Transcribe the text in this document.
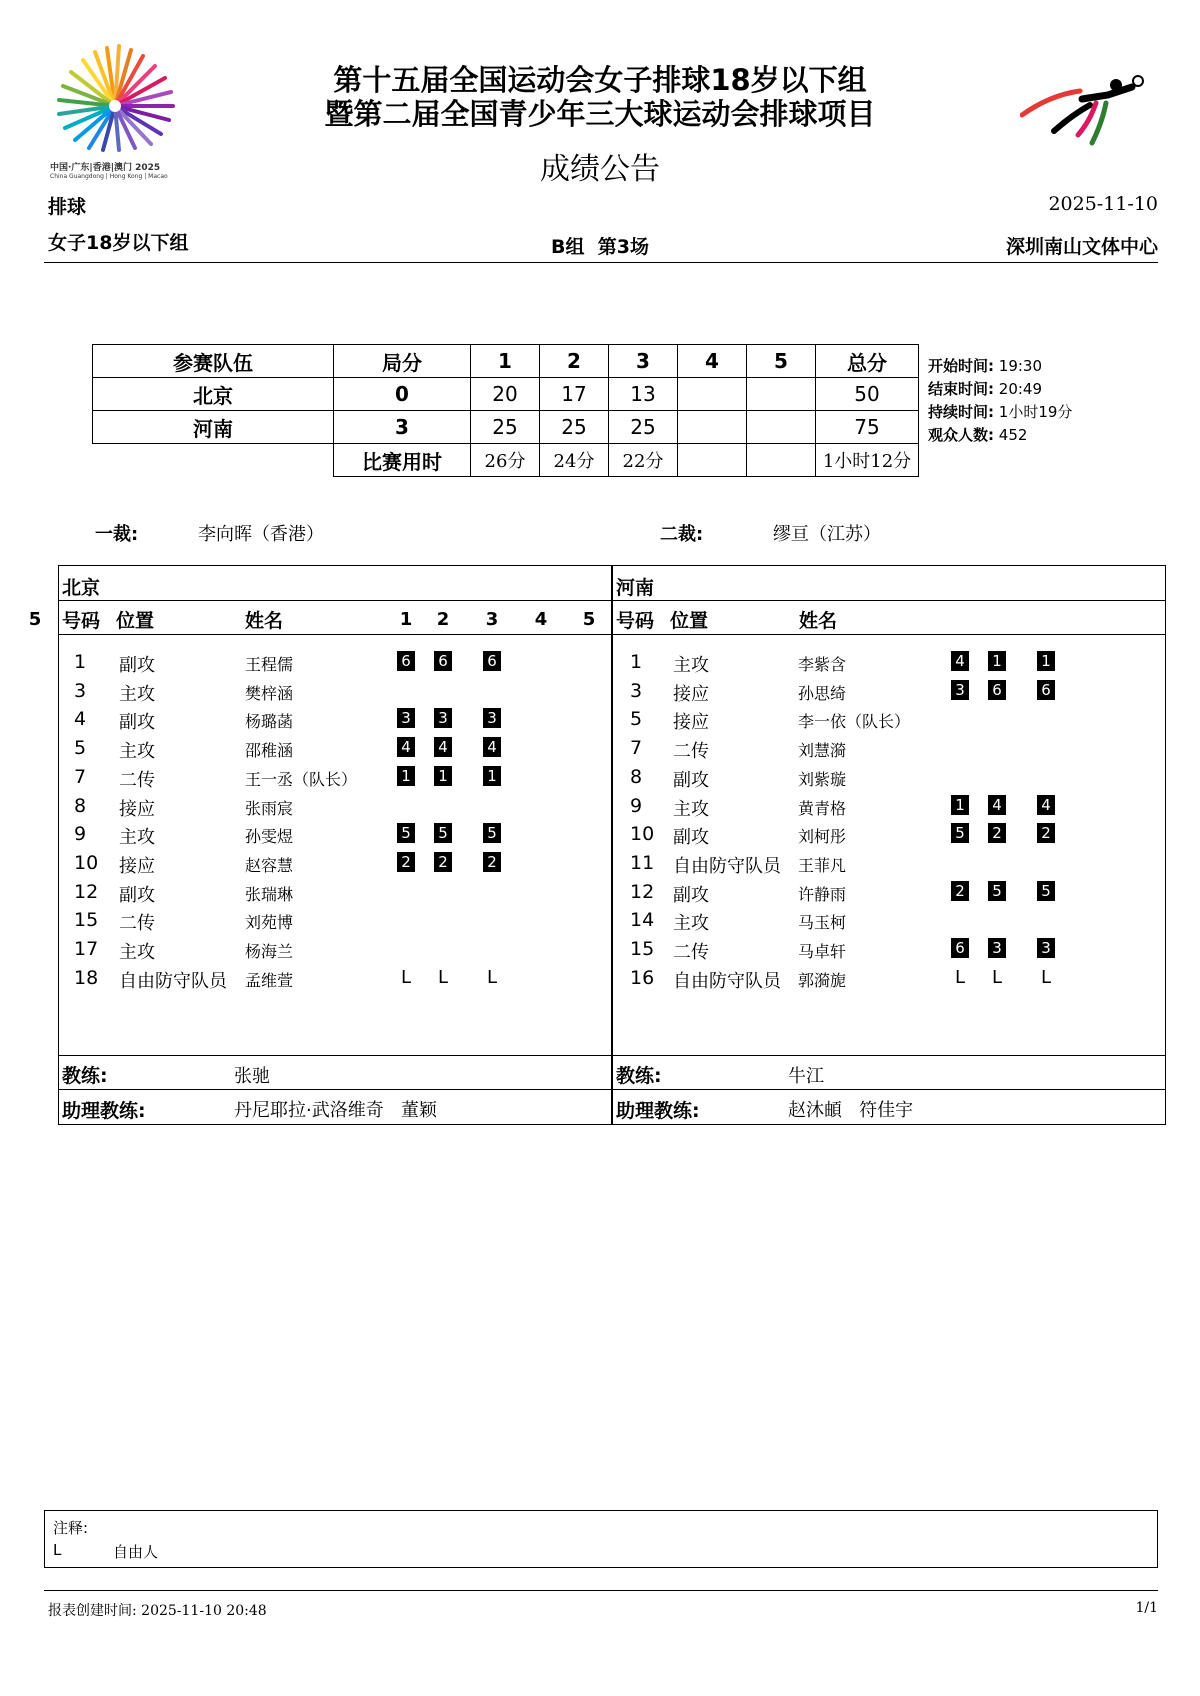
中国·广东|香港|澳门 2025
China Guangdong | Hong Kong | Macao
第十五届全国运动会女子排球18岁以下组
暨第二届全国青少年三大球运动会排球项目
成绩公告
排球	2025-11-10
女子18岁以下组	B组  第3场	深圳南山文体中心
参赛队伍	局分	1	2	3	4	5	总分
北京	0	20	17	13			50
河南	3	25	25	25			75
	比赛用时	26分	24分	22分			1小时12分
开始时间: 19:30
结束时间: 20:49
持续时间: 1小时19分
观众人数: 452
一裁:	李向晖（香港）	二裁:	缪亘（江苏）
北京
号码 位置	姓名	1 2 3 4 5
1	副攻	王程儒	6 6	6
3	主攻	樊梓涵
4	副攻	杨璐菡	3 3	3
5	主攻	邵稚涵	4 4	4
7	二传	王一丞（队长）	1 1	1
8	接应	张雨宸
9	主攻	孙雯煜	5 5	5
10	接应	赵容慧	2 2	2
12	副攻	张瑞琳
15	二传	刘苑博
17	主攻	杨海兰
18	自由防守队员 孟维萱	L L L
教练:	张驰
助理教练:	丹尼耶拉·武洛维奇   董颖
河南
号码 位置	姓名
5
1	主攻	李紫含	4 1	1
3	接应	孙思绮	3 6	6
5	接应	李一依（队长）
7	二传	刘慧漪
8	副攻	刘紫璇
9	主攻	黄青格	1 4	4
10	副攻	刘柯彤	5 2	2
11	自由防守队员 王菲凡
12	副攻	许静雨	2 5	5
14	主攻	马玉柯
15	二传	马卓轩	6 3	3
16	自由防守队员 郭漪旎	L L L
教练:	牛江
助理教练:	赵沐頔   符佳宇
注释:
L	自由人
报表创建时间: 2025-11-10 20:48	1/1
